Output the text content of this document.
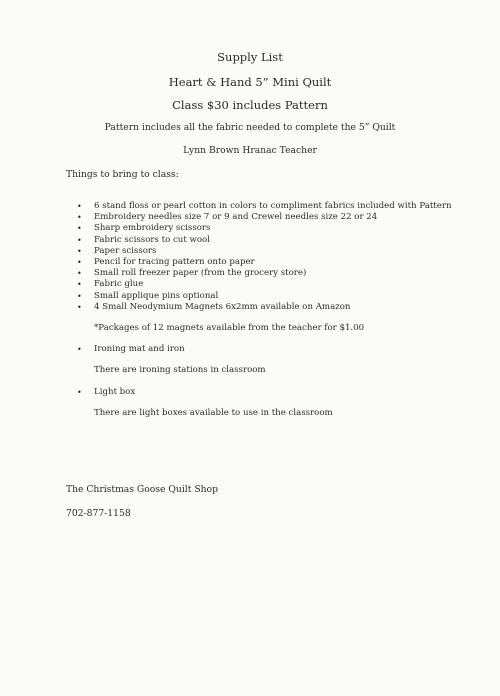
Supply List
Heart & Hand 5” Mini Quilt
Class $30 includes Pattern
Pattern includes all the fabric needed to complete the 5” Quilt
Lynn Brown Hranac Teacher
Things to bring to class:
• 6 stand floss or pearl cotton in colors to compliment fabrics included with Pattern
• Embroidery needles size 7 or 9 and Crewel needles size 22 or 24
• Sharp embroidery scissors
• Fabric scissors to cut wool
• Paper scissors
• Pencil for tracing pattern onto paper
• Small roll freezer paper (from the grocery store)
• Fabric glue
• Small applique pins optional
• 4 Small Neodymium Magnets 6x2mm available on Amazon
*Packages of 12 magnets available from the teacher for $1.00
• Ironing mat and iron
There are ironing stations in classroom
• Light box
There are light boxes available to use in the classroom
The Christmas Goose Quilt Shop
702-877-1158
